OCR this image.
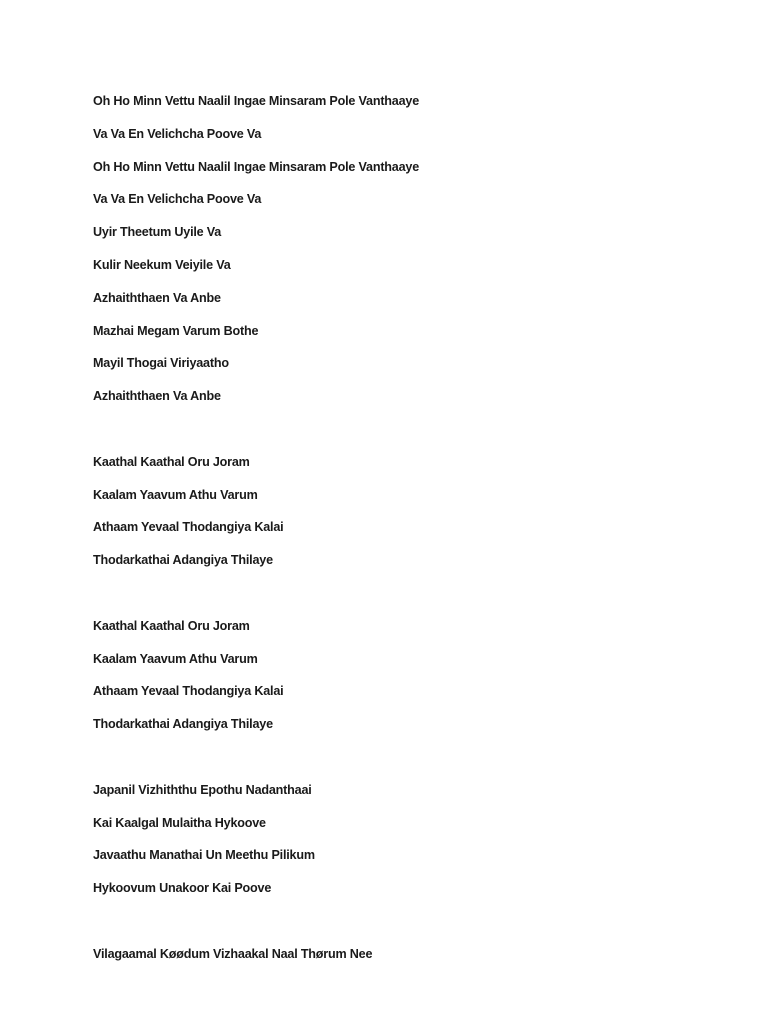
Oh Ho Minn Vettu Naalil Ingae Minsaram Pole Vanthaaye
Va Va En Velichcha Poove Va
Oh Ho Minn Vettu Naalil Ingae Minsaram Pole Vanthaaye
Va Va En Velichcha Poove Va
Uyir Theetum Uyile Va
Kulir Neekum Veiyile Va
Azhaiththaen Va Anbe
Mazhai Megam Varum Bothe
Mayil Thogai Viriyaatho
Azhaiththaen Va Anbe
Kaathal Kaathal Oru Joram
Kaalam Yaavum Athu Varum
Athaam Yevaal Thodangiya Kalai
Thodarkathai Adangiya Thilaye
Kaathal Kaathal Oru Joram
Kaalam Yaavum Athu Varum
Athaam Yevaal Thodangiya Kalai
Thodarkathai Adangiya Thilaye
Japanil Vizhiththu Epothu Nadanthaai
Kai Kaalgal Mulaitha Hykoove
Javaathu Manathai Un Meethu Pilikum
Hykoovum Unakoor Kai Poove
Vilagaamal Køødum Vizhaakal Naal Thørum Nee
